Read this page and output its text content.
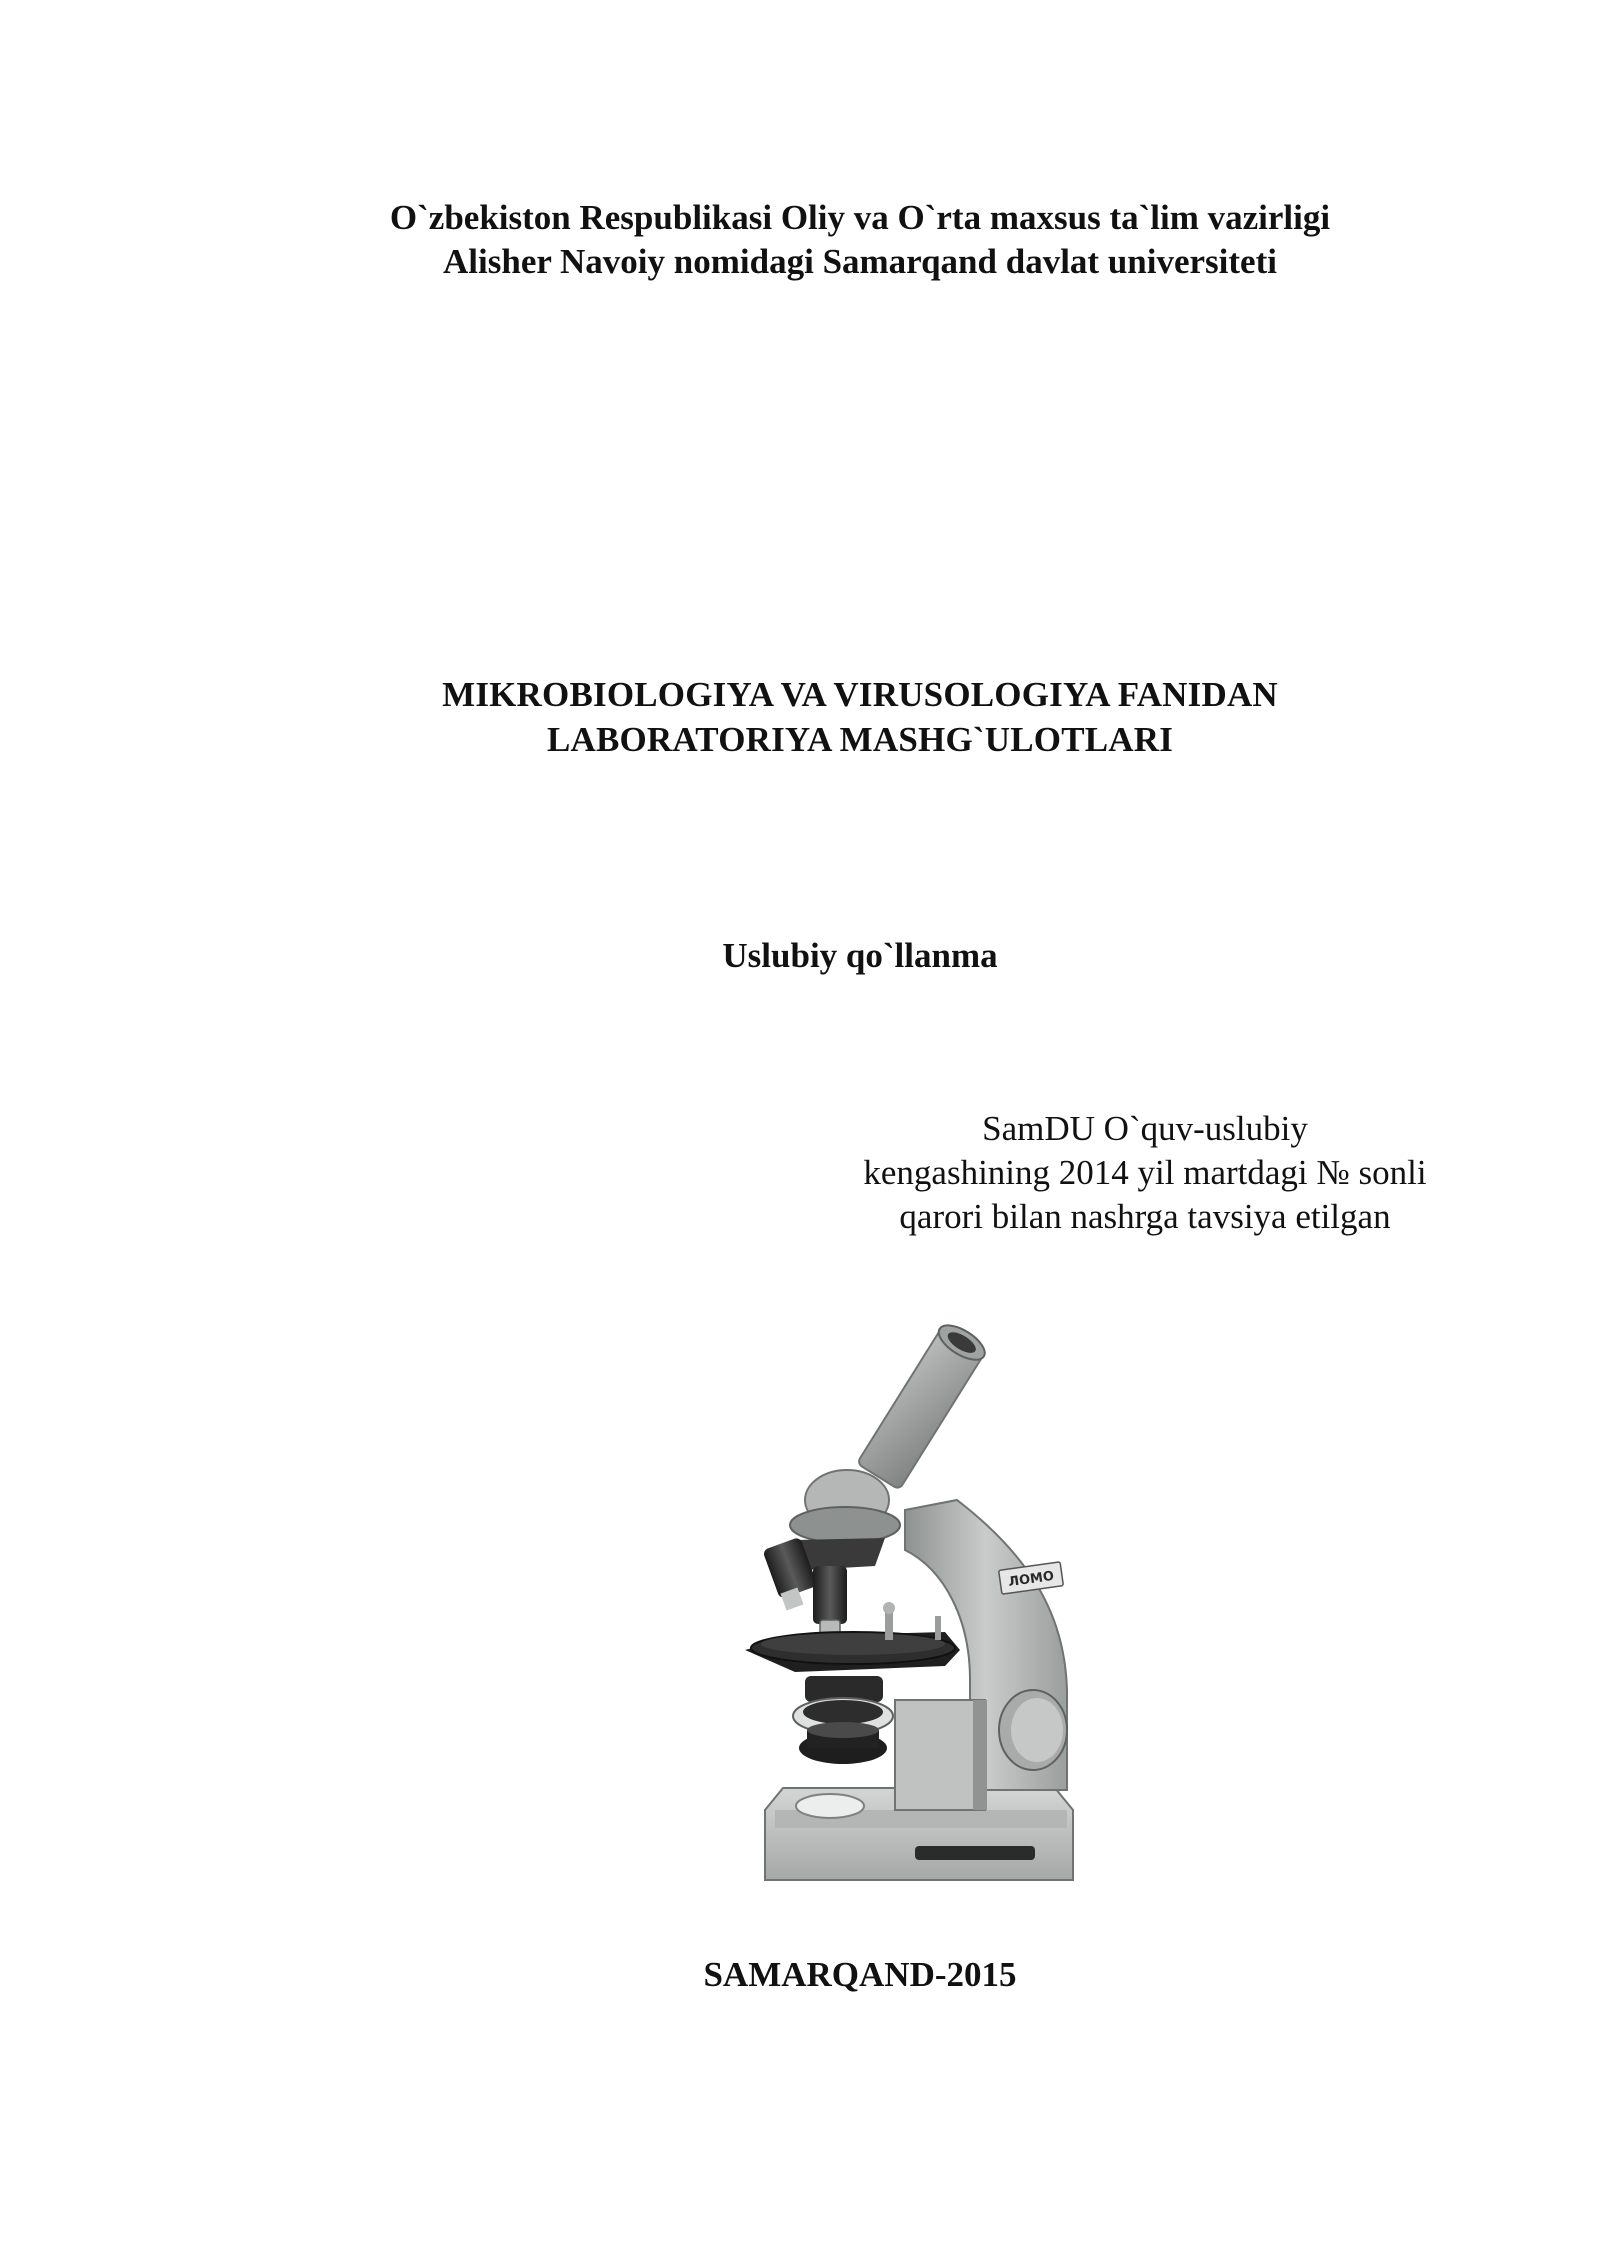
O`zbekiston Respublikasi Oliy va O`rta maxsus ta`lim vazirligi
Alisher Navoiy nomidagi Samarqand davlat universiteti
MIKROBIOLOGIYA VA VIRUSOLOGIYA FANIDAN
LABORATORIYA MASHG`ULOTLARI
Uslubiy qo`llanma
SamDU O`quv-uslubiy
kengashining 2014 yil martdagi № sonli
qarori bilan nashrga tavsiya etilgan
ЛОМО
SAMARQAND-2015
